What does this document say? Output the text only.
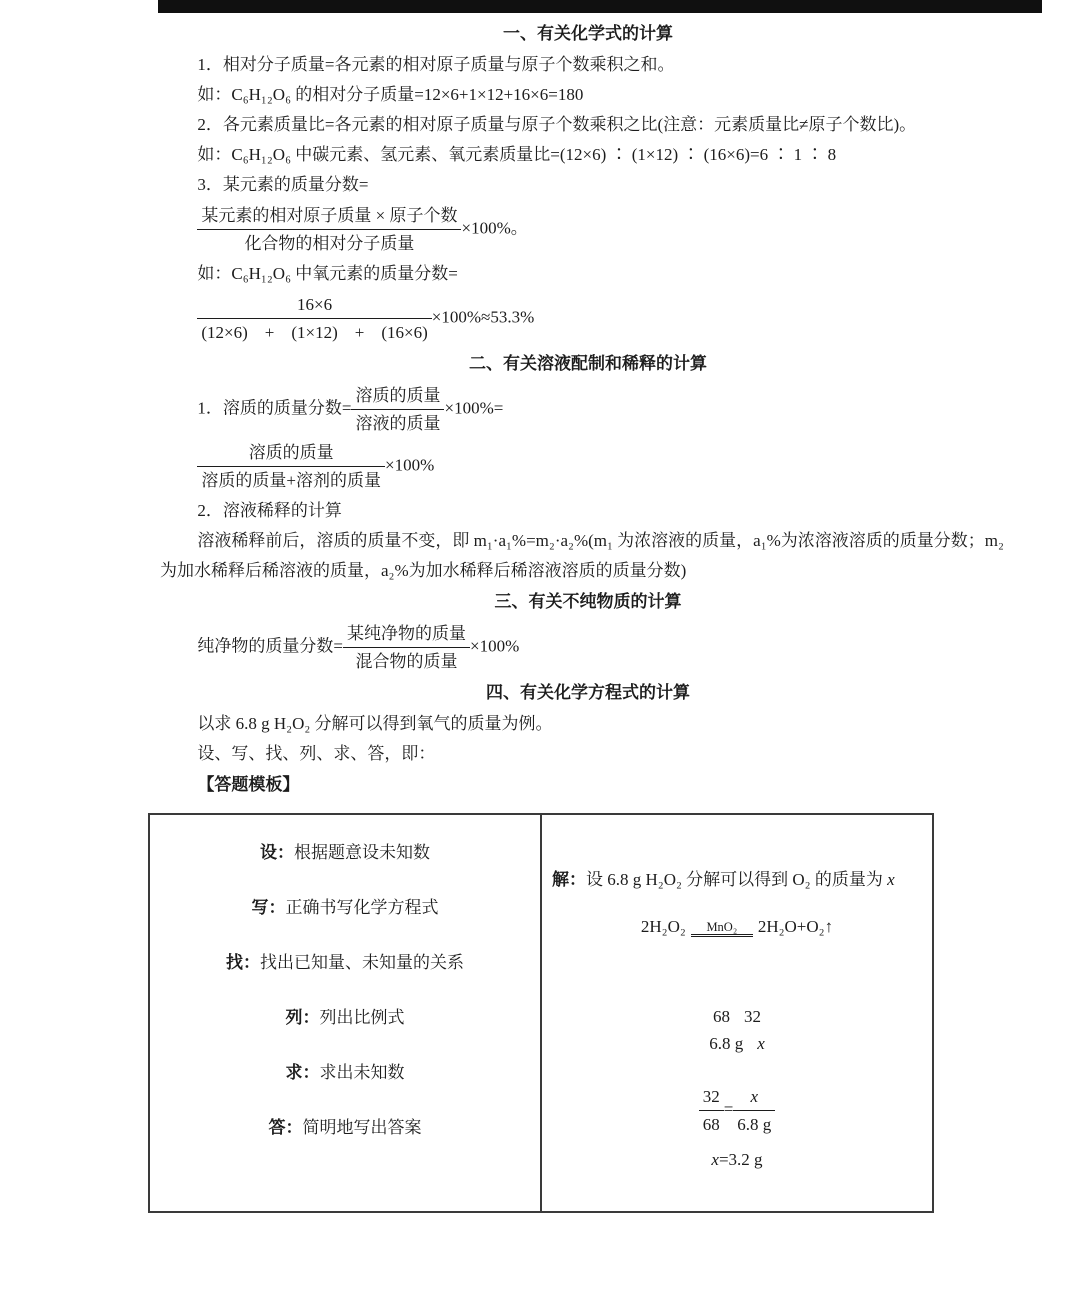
一、有关化学式的计算

1．相对分子质量=各元素的相对原子质量与原子个数乘积之和。

如：C₆H₁₂O₆ 的相对分子质量=12×6+1×12+16×6=180

2．各元素质量比=各元素的相对原子质量与原子个数乘积之比(注意：元素质量比≠原子个数比)。

如：C₆H₁₂O₆ 中碳元素、氢元素、氧元素质量比=(12×6) ∶ (1×12) ∶ (16×6)=6 ∶ 1 ∶ 8

3．某元素的质量分数=

$\frac{\text{某元素的相对原子质量 × 原子个数}}{\text{化合物的相对分子质量}} \times 100\%$。

如：C₆H₁₂O₆ 中氧元素的质量分数=

$\frac{16\times 6}{(12\times 6) + (1\times 12) + (16\times 6)} \times 100\%\approx 53.3\%$

二、有关溶液配制和稀释的计算

1．溶质的质量分数= $\frac{\text{溶质的质量}}{\text{溶液的质量}} \times 100\%=$

$\frac{\text{溶质的质量}}{\text{溶质的质量+溶剂的质量}} \times 100\%$

2．溶液稀释的计算

溶液稀释前后，溶质的质量不变，即 m₁·a₁%=m₂·a₂%(m₁ 为浓溶液的质量，a₁%为浓溶液溶质的质量分数；m₂ 为加水稀释后稀溶液的质量，a₂%为加水稀释后稀溶液溶质的质量分数)

三、有关不纯物质的计算

纯净物的质量分数= $\frac{\text{某纯净物的质量}}{\text{混合物的质量}} \times 100\%$

四、有关化学方程式的计算

以求 6.8 g H₂O₂ 分解可以得到氧气的质量为例。

设、写、找、列、求、答，即：

【答题模板】

设：根据题意设未知数
写：正确书写化学方程式
找：找出已知量、未知量的关系
列：列出比例式
求：求出未知数
答：简明地写出答案

解：设 6.8 g H₂O₂ 分解可以得到 O₂ 的质量为 x

2H₂O₂	MnO₂	2H₂O+O₂↑

68 32

6.8 g x

$\frac{32}{68} = \frac{x}{6.8 g}$

x=3.2 g
